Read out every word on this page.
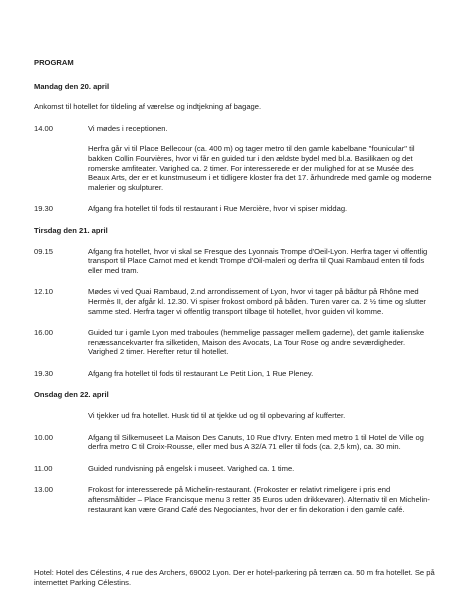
PROGRAM

Mandag den 20. april

Ankomst til hotellet for tildeling af værelse og indtjekning af bagage.

14.00	Vi mødes i receptionen.

Herfra går vi til Place Bellecour (ca. 400 m) og tager metro til den gamle kabelbane "founicular" til bakken Collin Fourvières, hvor vi får en guided tur i den ældste bydel med bl.a. Basilikaen og det romerske amfiteater. Varighed ca. 2 timer. For interesserede er der mulighed for at se Musée des Beaux Arts, der er et kunstmuseum i et tidligere kloster fra det 17. århundrede med gamle og moderne malerier og skulpturer.

19.30	Afgang fra hotellet til fods til restaurant i Rue Mercière, hvor vi spiser middag.

Tirsdag den 21. april

09.15	Afgang fra hotellet, hvor vi skal se Fresque des Lyonnais Trompe d'Oeil-Lyon. Herfra tager vi offentlig transport til Place Carnot med et kendt Trompe d'Oil-maleri og derfra til Quai Rambaud enten til fods eller med tram.

12.10	Mødes vi ved Quai Rambaud, 2.nd arrondissement of Lyon, hvor vi tager på bådtur på Rhône med Hermès II, der afgår kl. 12.30. Vi spiser frokost ombord på båden. Turen varer ca. 2 ½ time og slutter samme sted. Herfra tager vi offentlig transport tilbage til hotellet, hvor guiden vil komme.

16.00	Guided tur i gamle Lyon med traboules (hemmelige passager mellem gaderne), det gamle italienske renæssancekvarter fra silketiden, Maison des Avocats, La Tour Rose og andre seværdigheder. Varighed 2 timer. Herefter retur til hotellet.

19.30	Afgang fra hotellet til fods til restaurant Le Petit Lion, 1 Rue Pleney.

Onsdag den 22. april

Vi tjekker ud fra hotellet. Husk tid til at tjekke ud og til opbevaring af kufferter.

10.00	Afgang til Silkemuseet La Maison Des Canuts, 10 Rue d'Ivry. Enten med metro 1 til Hotel de Ville og derfra metro C til Croix-Rousse, eller med bus A 32/A 71 eller til fods (ca. 2,5 km), ca. 30 min.

11.00	Guided rundvisning på engelsk i museet. Varighed ca. 1 time.

13.00	Frokost for interesserede på Michelin-restaurant. (Frokoster er relativt rimeligere i pris end aftensmåltider – Place Francisque menu 3 retter 35 Euros uden drikkevarer). Alternativ til en Michelin-restaurant kan være Grand Café des Negociantes, hvor der er fin dekoration i den gamle café.

Hotel: Hotel des Célestins, 4 rue des Archers, 69002 Lyon. Der er hotel-parkering på terræn ca. 50 m fra hotellet. Se på internettet Parking Célestins.
